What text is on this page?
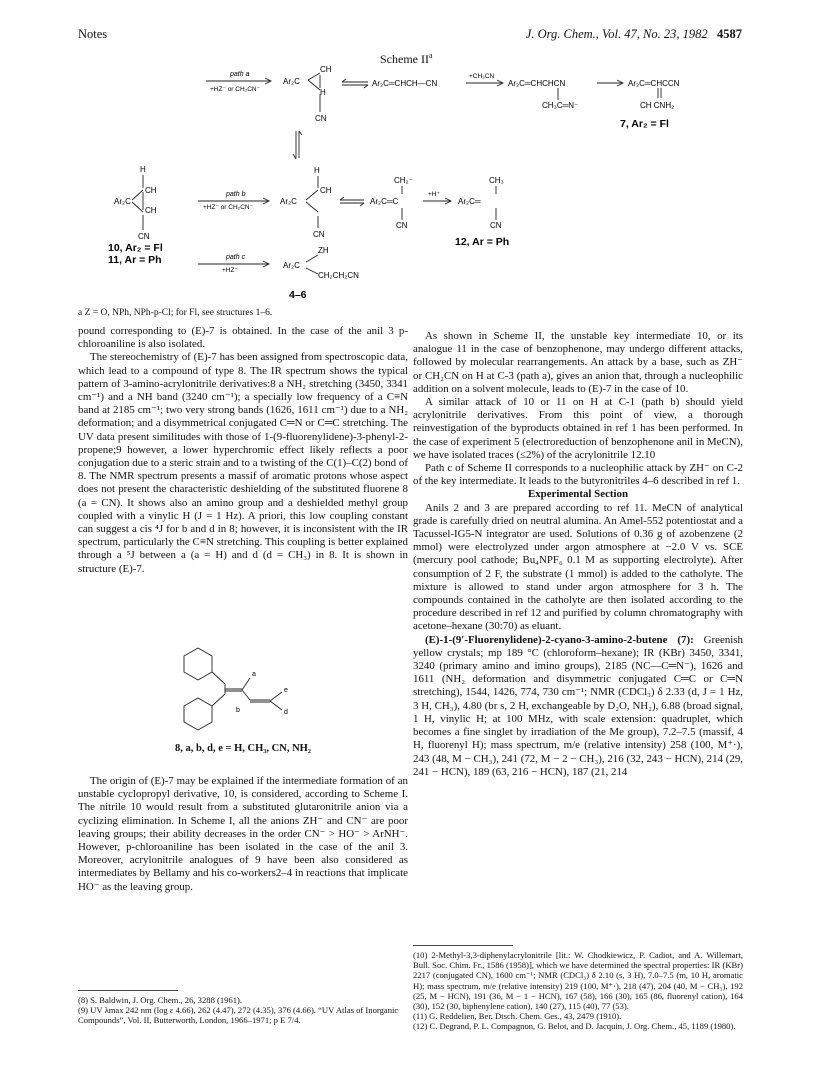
Notes	J. Org. Chem., Vol. 47, No. 23, 1982 4587
Scheme $II^a$
path a
+HZ⁻ or CH₂CN⁻
Ar₂C
CH
H
CN
Ar₂C═CHCH—CN
+CH₃CN
Ar₂C═CHCHCN
CH₃C═N⁻
Ar₂C═CHCCN
CH CNH₂
7, Ar₂ = Fl
H
Ar₂C
CH
CH
CN
10, Ar₂ = Fl
11, Ar = Ph
path b
+HZ⁻ or CH₂CN⁻
Ar₂C
H
CH
CN
Ar₂C═C
CH₂⁻
CN
+H⁺
Ar₂C═
CH₃
CN
12, Ar = Ph
path c
+HZ⁻
Ar₂C
ZH
CH₂CH₂CN
4–6
a Z = O, NPh, NPh-p-Cl; for Fl, see structures 1–6.

pound corresponding to (E)-7 is obtained. In the case of the anil 3 p-chloroaniline is also isolated.

The stereochemistry of (E)-7 has been assigned from spectroscopic data, which lead to a compound of type 8. The IR spectrum shows the typical pattern of 3-amino-acrylonitrile derivatives:8 a NH₂ stretching (3450, 3341 cm⁻¹) and a NH band (3240 cm⁻¹); a specially low frequency of a C≡N band at 2185 cm⁻¹; two very strong bands (1626, 1611 cm⁻¹) due to a NH₂ deformation; and a disymmetrical conjugated C═N or C═C stretching. The UV data present similitudes with those of 1-(9-fluorenylidene)-3-phenyl-2-propene;9 however, a lower hyperchromic effect likely reflects a poor conjugation due to a steric strain and to a twisting of the C(1)–C(2) bond of 8. The NMR spectrum presents a massif of aromatic protons whose aspect does not present the characteristic deshielding of the substituted fluorene 8 (a = CN). It shows also an amino group and a deshielded methyl group coupled with a vinylic H (J = 1 Hz). A priori, this low coupling constant can suggest a cis ⁴J for b and d in 8; however, it is inconsistent with the IR spectrum, particularly the C≡N stretching. This coupling is better explained through a ⁵J between a (a = H) and d (d = CH₃) in 8. It is shown in structure (E)-7.

a
b
e
d
8, a, b, d, e = H, CH₃, CN, NH₂

The origin of (E)-7 may be explained if the intermediate formation of an unstable cyclopropyl derivative, 10, is considered, according to Scheme I. The nitrile 10 would result from a substituted glutaronitrile anion via a cyclizing elimination. In Scheme I, all the anions ZH⁻ and CN⁻ are poor leaving groups; their ability decreases in the order CN⁻ > HO⁻ > ArNH⁻. However, p-chloroaniline has been isolated in the case of the anil 3. Moreover, acrylonitrile analogues of 9 have been also considered as intermediates by Bellamy and his co-workers2–4 in reactions that implicate HO⁻ as the leaving group.

(8) S. Baldwin, J. Org. Chem., 26, 3288 (1961).
(9) UV λmax 242 nm (log ε 4.66), 262 (4.47), 272 (4.35), 376 (4.66). “UV Atlas of Inorganic Compounds”, Vol. II, Butterworth, London, 1966–1971; p E 7/4.

As shown in Scheme II, the unstable key intermediate 10, or its analogue 11 in the case of benzophenone, may undergo different attacks, followed by molecular rearrangements. An attack by a base, such as ZH⁻ or CH₂CN on H at C-3 (path a), gives an anion that, through a nucleophilic addition on a solvent molecule, leads to (E)-7 in the case of 10.

A similar attack of 10 or 11 on H at C-1 (path b) should yield acrylonitrile derivatives. From this point of view, a thorough reinvestigation of the byproducts obtained in ref 1 has been performed. In the case of experiment 5 (electroreduction of benzophenone anil in MeCN), we have isolated traces (≤2%) of the acrylonitrile 12.10

Path c of Scheme II corresponds to a nucleophilic attack by ZH⁻ on C-2 of the key intermediate. It leads to the butyronitriles 4–6 described in ref 1.

Experimental Section

Anils 2 and 3 are prepared according to ref 11. MeCN of analytical grade is carefully dried on neutral alumina. An Amel-552 potentiostat and a Tacussel-IG5-N integrator are used. Solutions of 0.36 g of azobenzene (2 mmol) were electrolyzed under argon atmosphere at −2.0 V vs. SCE (mercury pool cathode; Bu₄NPF₆ 0.1 M as supporting electrolyte). After consumption of 2 F, the substrate (1 mmol) is added to the catholyte. The mixture is allowed to stand under argon atmosphere for 3 h. The compounds contained in the catholyte are then isolated according to the procedure described in ref 12 and purified by column chromatography with acetone–hexane (30:70) as eluant.

(E)-1-(9′-Fluorenylidene)-2-cyano-3-amino-2-butene (7): Greenish yellow crystals; mp 189 °C (chloroform–hexane); IR (KBr) 3450, 3341, 3240 (primary amino and imino groups), 2185 (NC—C═N⁻), 1626 and 1611 (NH₂ deformation and disymmetric conjugated C═C or C═N stretching), 1544, 1426, 774, 730 cm⁻¹; NMR (CDCl₃) δ 2.33 (d, J = 1 Hz, 3 H, CH₃), 4.80 (br s, 2 H, exchangeable by D₂O, NH₂), 6.88 (broad signal, 1 H, vinylic H; at 100 MHz, with scale extension: quadruplet, which becomes a fine singlet by irradiation of the Me group), 7.2–7.5 (massif, 4 H, fluorenyl H); mass spectrum, m/e (relative intensity) 258 (100, M⁺·), 243 (48, M − CH₃), 241 (72, M − 2 − CH₃), 216 (32, 243 − HCN), 214 (29, 241 − HCN), 189 (63, 216 − HCN), 187 (21, 214

(10) 2-Methyl-3,3-diphenylacrylonitrile [lit.: W. Chodkiewicz, P. Cadiot, and A. Willemart, Bull. Soc. Chim. Fr., 1586 (1958)], which we have determined the spectral properties: IR (KBr) 2217 (conjugated CN), 1600 cm⁻¹; NMR (CDCl₃) δ 2.10 (s, 3 H), 7.0–7.5 (m, 10 H, aromatic H); mass spectrum, m/e (relative intensity) 219 (100, M⁺·), 218 (47), 204 (40, M − CH₃), 192 (25, M − HCN), 191 (36, M − 1 − HCN), 167 (58), 166 (30), 165 (86, fluorenyl cation), 164 (30), 152 (30, biphenylene cation), 140 (27), 115 (40), 77 (53).
(11) G. Reddelien, Ber. Dtsch. Chem. Ges., 43, 2479 (1910).
(12) C. Degrand, P. L. Compagnon, G. Belot, and D. Jacquin, J. Org. Chem., 45, 1189 (1980).
